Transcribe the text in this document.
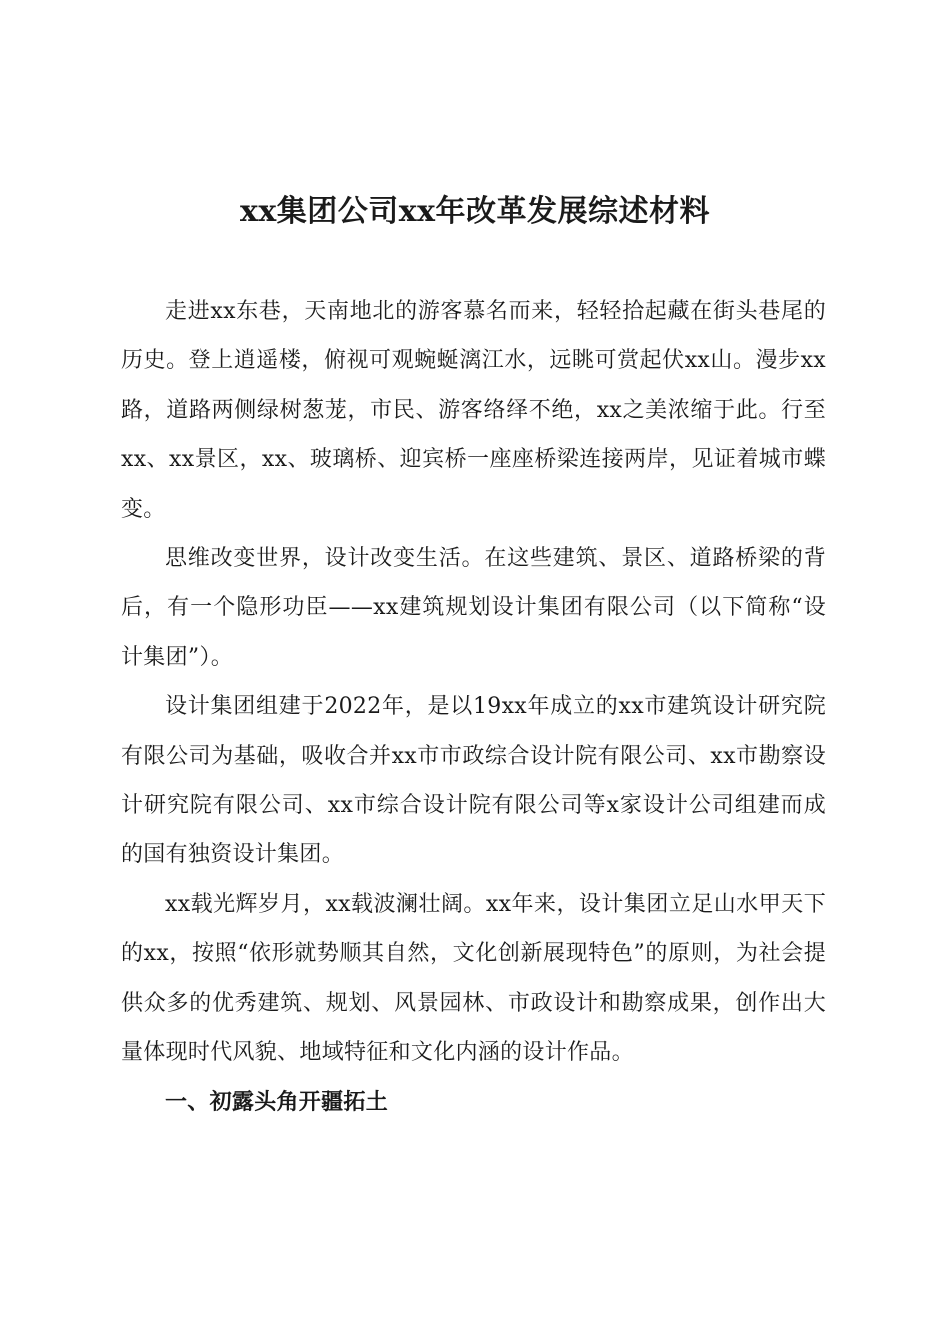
xx集团公司xx年改革发展综述材料

走进xx东巷，天南地北的游客慕名而来，轻轻拾起藏在街头巷尾的历史。登上逍遥楼，俯视可观蜿蜒漓江水，远眺可赏起伏xx山。漫步xx路，道路两侧绿树葱茏，市民、游客络绎不绝，xx之美浓缩于此。行至xx、xx景区，xx、玻璃桥、迎宾桥一座座桥梁连接两岸，见证着城市蝶变。

思维改变世界，设计改变生活。在这些建筑、景区、道路桥梁的背后，有一个隐形功臣——xx建筑规划设计集团有限公司（以下简称“设计集团”）。

设计集团组建于2022年，是以19xx年成立的xx市建筑设计研究院有限公司为基础，吸收合并xx市市政综合设计院有限公司、xx市勘察设计研究院有限公司、xx市综合设计院有限公司等x家设计公司组建而成的国有独资设计集团。

xx载光辉岁月，xx载波澜壮阔。xx年来，设计集团立足山水甲天下的xx，按照“依形就势顺其自然，文化创新展现特色”的原则，为社会提供众多的优秀建筑、规划、风景园林、市政设计和勘察成果，创作出大量体现时代风貌、地域特征和文化内涵的设计作品。

一、初露头角开疆拓土
